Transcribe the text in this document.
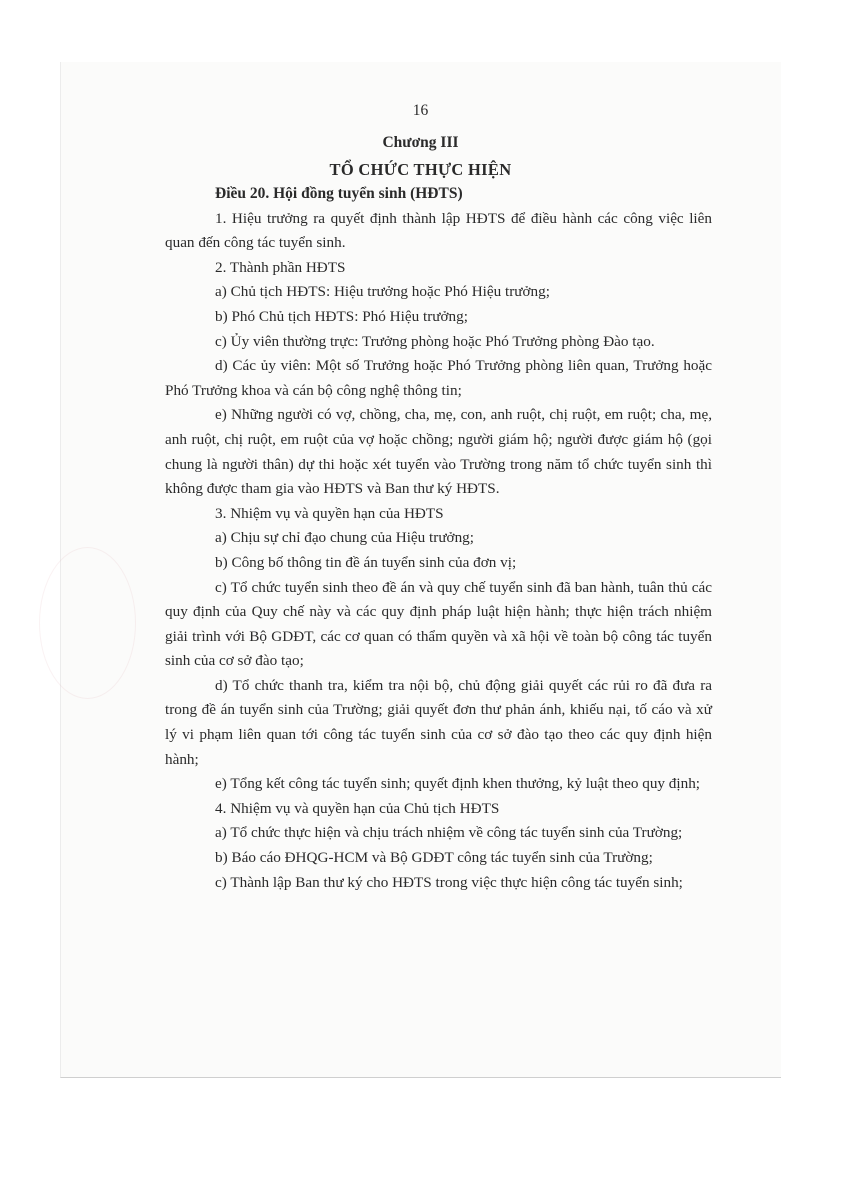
16
Chương III
TỔ CHỨC THỰC HIỆN
Điều 20. Hội đồng tuyển sinh (HĐTS)

1. Hiệu trưởng ra quyết định thành lập HĐTS để điều hành các công việc liên quan đến công tác tuyển sinh.

2. Thành phần HĐTS

a) Chủ tịch HĐTS: Hiệu trưởng hoặc Phó Hiệu trưởng;

b) Phó Chủ tịch HĐTS: Phó Hiệu trưởng;

c) Ủy viên thường trực: Trưởng phòng hoặc Phó Trưởng phòng Đào tạo.

d) Các ủy viên: Một số Trưởng hoặc Phó Trưởng phòng liên quan, Trưởng hoặc Phó Trưởng khoa và cán bộ công nghệ thông tin;

e) Những người có vợ, chồng, cha, mẹ, con, anh ruột, chị ruột, em ruột; cha, mẹ, anh ruột, chị ruột, em ruột của vợ hoặc chồng; người giám hộ; người được giám hộ (gọi chung là người thân) dự thi hoặc xét tuyển vào Trường trong năm tổ chức tuyển sinh thì không được tham gia vào HĐTS và Ban thư ký HĐTS.

3. Nhiệm vụ và quyền hạn của HĐTS

a) Chịu sự chỉ đạo chung của Hiệu trưởng;

b) Công bố thông tin đề án tuyển sinh của đơn vị;

c) Tổ chức tuyển sinh theo đề án và quy chế tuyển sinh đã ban hành, tuân thủ các quy định của Quy chế này và các quy định pháp luật hiện hành; thực hiện trách nhiệm giải trình với Bộ GDĐT, các cơ quan có thẩm quyền và xã hội về toàn bộ công tác tuyển sinh của cơ sở đào tạo;

d) Tổ chức thanh tra, kiểm tra nội bộ, chủ động giải quyết các rủi ro đã đưa ra trong đề án tuyển sinh của Trường; giải quyết đơn thư phản ánh, khiếu nại, tố cáo và xử lý vi phạm liên quan tới công tác tuyển sinh của cơ sở đào tạo theo các quy định hiện hành;

e) Tổng kết công tác tuyển sinh; quyết định khen thưởng, kỷ luật theo quy định;

4. Nhiệm vụ và quyền hạn của Chủ tịch HĐTS

a) Tổ chức thực hiện và chịu trách nhiệm về công tác tuyển sinh của Trường;

b) Báo cáo ĐHQG-HCM và Bộ GDĐT công tác tuyển sinh của Trường;

c) Thành lập Ban thư ký cho HĐTS trong việc thực hiện công tác tuyển sinh;
